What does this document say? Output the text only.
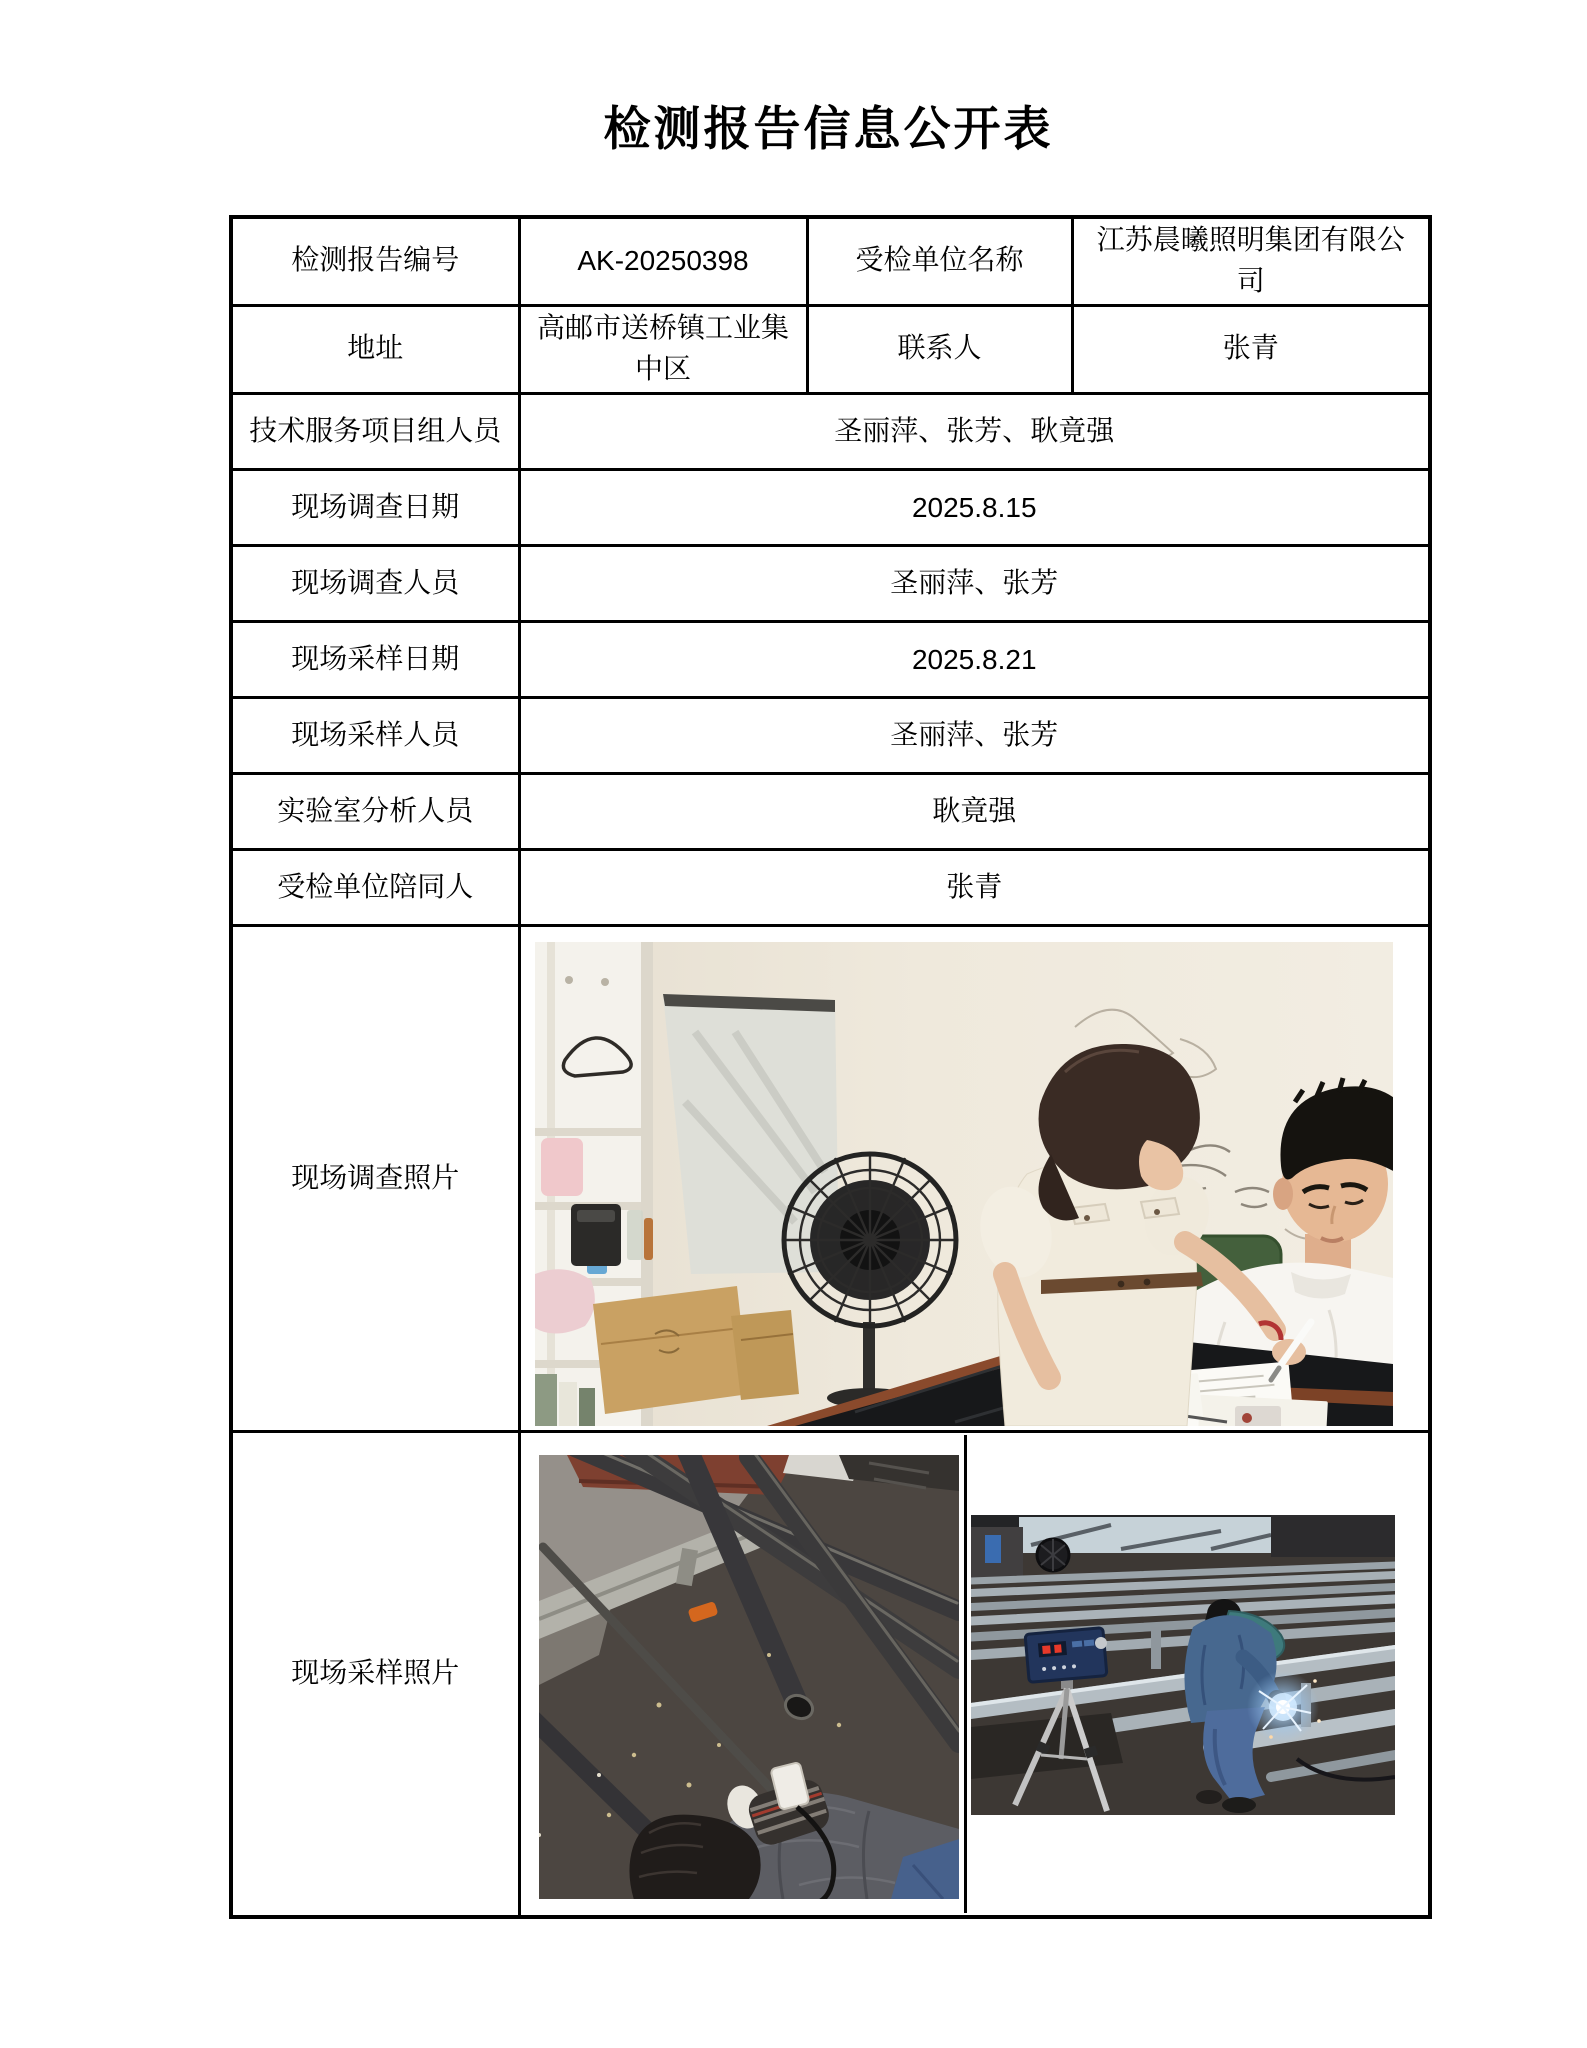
检测报告信息公开表
检测报告编号	AK-20250398	受检单位名称	江苏晨曦照明集团有限公司
地址	高邮市送桥镇工业集中区	联系人	张青
技术服务项目组人员	圣丽萍、张芳、耿竟强		
现场调查日期	2025.8.15		
现场调查人员	圣丽萍、张芳		
现场采样日期	2025.8.21		
现场采样人员	圣丽萍、张芳		
实验室分析人员	耿竟强		
受检单位陪同人	张青		
现场调查照片	

现场采样照片	
